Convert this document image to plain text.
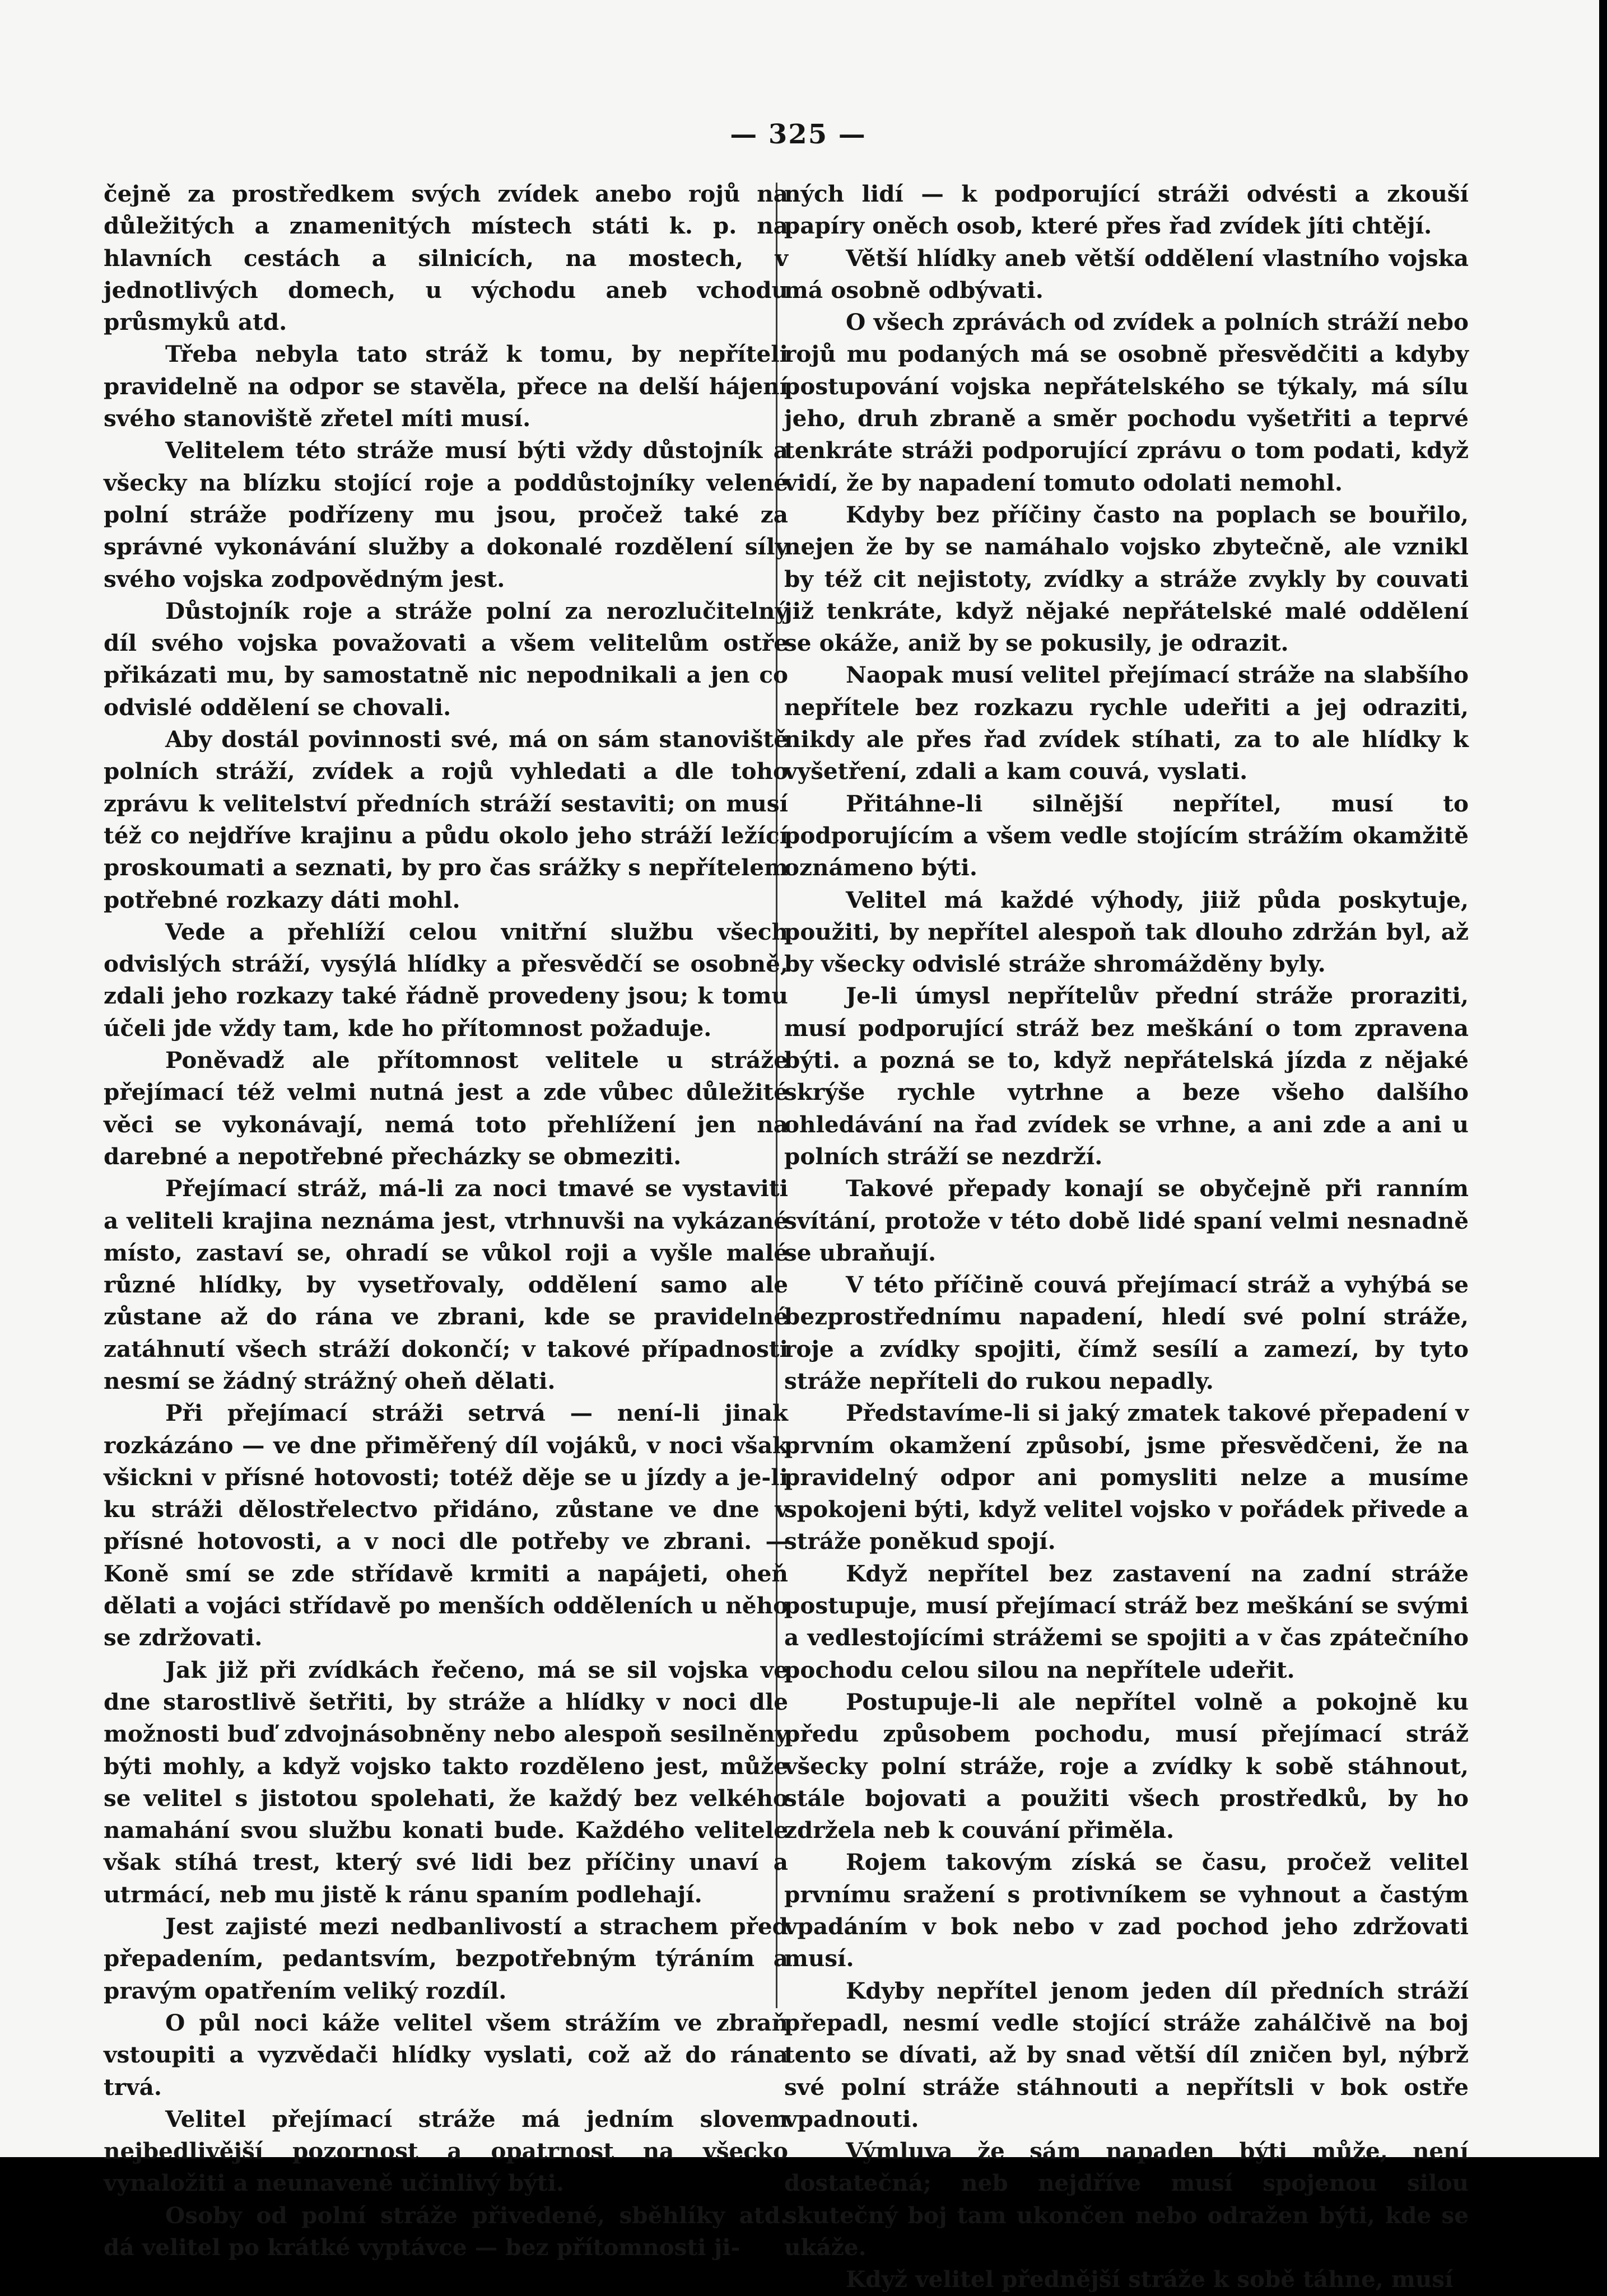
— 325 —

čejně za prostředkem svých zvídek anebo rojů na důležitých a znamenitých místech státi k. p. na hlavních cestách a silnicích, na mostech, v jednotlivých domech, u východu aneb vchodu průsmyků atd.

Třeba nebyla tato stráž k tomu, by nepříteli pravidelně na odpor se stavěla, přece na delší hájení svého stanoviště zřetel míti musí.

Velitelem této stráže musí býti vždy důstojník a všecky na blízku stojící roje a poddůstojníky velené polní stráže podřízeny mu jsou, pročež také za správné vykonávání služby a dokonalé rozdělení síly svého vojska zodpovědným jest.

Důstojník roje a stráže polní za nerozlučitelný díl svého vojska považovati a všem velitelům ostře přikázati mu, by samostatně nic nepodnikali a jen co odvislé oddělení se chovali.

Aby dostál povinnosti své, má on sám stanoviště polních stráží, zvídek a rojů vyhledati a dle toho zprávu k velitelství předních stráží sestaviti; on musí též co nejdříve krajinu a půdu okolo jeho stráží ležící proskoumati a seznati, by pro čas srážky s nepřítelem potřebné rozkazy dáti mohl.

Vede a přehlíží celou vnitřní službu všech odvislých stráží, vysýlá hlídky a přesvědčí se osobně, zdali jeho rozkazy také řádně provedeny jsou; k tomu účeli jde vždy tam, kde ho přítomnost požaduje.

Poněvadž ale přítomnost velitele u stráže přejímací též velmi nutná jest a zde vůbec důležité věci se vykonávají, nemá toto přehlížení jen na darebné a nepotřebné přecházky se obmeziti.

Přejímací stráž, má-li za noci tmavé se vystaviti a veliteli krajina neznáma jest, vtrhnuvši na vykázané místo, zastaví se, ohradí se vůkol roji a vyšle malé různé hlídky, by vysetřovaly, oddělení samo ale zůstane až do rána ve zbrani, kde se pravidelné zatáhnutí všech stráží dokončí; v takové případnosti nesmí se žádný strážný oheň dělati.

Při přejímací stráži setrvá — není-li jinak rozkázáno — ve dne přiměřený díl vojáků, v noci však všickni v přísné hotovosti; totéž děje se u jízdy a je-li ku stráži dělostřelectvo přidáno, zůstane ve dne v přísné hotovosti, a v noci dle potřeby ve zbrani. — Koně smí se zde střídavě krmiti a napájeti, oheň dělati a vojáci střídavě po menších odděleních u něho se zdržovati.

Jak již při zvídkách řečeno, má se sil vojska ve dne starostlivě šetřiti, by stráže a hlídky v noci dle možnosti buď zdvojnásobněny nebo alespoň sesilněny býti mohly, a když vojsko takto rozděleno jest, může se velitel s jistotou spolehati, že každý bez velkého namahání svou službu konati bude. Každého velitele však stíhá trest, který své lidi bez příčiny unaví a utrmácí, neb mu jistě k ránu spaním podlehají.

Jest zajisté mezi nedbanlivostí a strachem před přepadením, pedantsvím, bezpotřebným týráním a pravým opatřením veliký rozdíl.

O půl noci káže velitel všem strážím ve zbraň vstoupiti a vyzvědači hlídky vyslati, což až do rána trvá.

Velitel přejímací stráže má jedním slovem nejbedlivější pozornost a opatrnost na všecko vynaložiti a neunaveně učinlivý býti.

Osoby od polní stráže přivedené, sběhlíky atd. dá velitel po krátké vyptávce — bez přítomnosti ji-

ných lidí — k podporující stráži odvésti a zkouší papíry oněch osob, které přes řad zvídek jíti chtějí.

Větší hlídky aneb větší oddělení vlastního vojska má osobně odbývati.

O všech zprávách od zvídek a polních stráží nebo rojů mu podaných má se osobně přesvědčiti a kdyby postupování vojska nepřátelského se týkaly, má sílu jeho, druh zbraně a směr pochodu vyšetřiti a teprvé tenkráte stráži podporující zprávu o tom podati, když vidí, že by napadení tomuto odolati nemohl.

Kdyby bez příčiny často na poplach se bouřilo, nejen že by se namáhalo vojsko zbytečně, ale vznikl by též cit nejistoty, zvídky a stráže zvykly by couvati již tenkráte, když nějaké nepřátelské malé oddělení se okáže, aniž by se pokusily, je odrazit.

Naopak musí velitel přejímací stráže na slabšího nepřítele bez rozkazu rychle udeřiti a jej odraziti, nikdy ale přes řad zvídek stíhati, za to ale hlídky k vyšetření, zdali a kam couvá, vyslati.

Přitáhne-li silnější nepřítel, musí to podporujícím a všem vedle stojícím strážím okamžitě oznámeno býti.

Velitel má každé výhody, jiiž půda poskytuje, použiti, by nepřítel alespoň tak dlouho zdržán byl, až by všecky odvislé stráže shromážděny byly.

Je-li úmysl nepřítelův přední stráže proraziti, musí podporující stráž bez meškání o tom zpravena býti. a pozná se to, když nepřátelská jízda z nějaké skrýše rychle vytrhne a beze všeho dalšího ohledávání na řad zvídek se vrhne, a ani zde a ani u polních stráží se nezdrží.

Takové přepady konají se obyčejně při ranním svítání, protože v této době lidé spaní velmi nesnadně se ubraňují.

V této příčině couvá přejímací stráž a vyhýbá se bezprostřednímu napadení, hledí své polní stráže, roje a zvídky spojiti, čímž sesílí a zamezí, by tyto stráže nepříteli do rukou nepadly.

Představíme-li si jaký zmatek takové přepadení v prvním okamžení způsobí, jsme přesvědčeni, že na pravidelný odpor ani pomysliti nelze a musíme spokojeni býti, když velitel vojsko v pořádek přivede a stráže poněkud spojí.

Když nepřítel bez zastavení na zadní stráže postupuje, musí přejímací stráž bez meškání se svými a vedlestojícími strážemi se spojiti a v čas zpátečního pochodu celou silou na nepřítele udeřit.

Postupuje-li ale nepřítel volně a pokojně ku předu způsobem pochodu, musí přejímací stráž všecky polní stráže, roje a zvídky k sobě stáhnout, stále bojovati a použiti všech prostředků, by ho zdržela neb k couvání přiměla.

Rojem takovým získá se času, pročež velitel prvnímu sražení s protivníkem se vyhnout a častým vpadáním v bok nebo v zad pochod jeho zdržovati musí.

Kdyby nepřítel jenom jeden díl předních stráží přepadl, nesmí vedle stojící stráže zahálčivě na boj tento se dívati, až by snad větší díl zničen byl, nýbrž své polní stráže stáhnouti a nepřítsli v bok ostře vpadnouti.

Výmluva že sám napaden býti může, není dostatečná; neb nejdříve musí spojenou silou skutečný boj tam ukončen nebo odražen býti, kde se ukáže.

Když velitel přednější stráže k sobě táhne, musí
